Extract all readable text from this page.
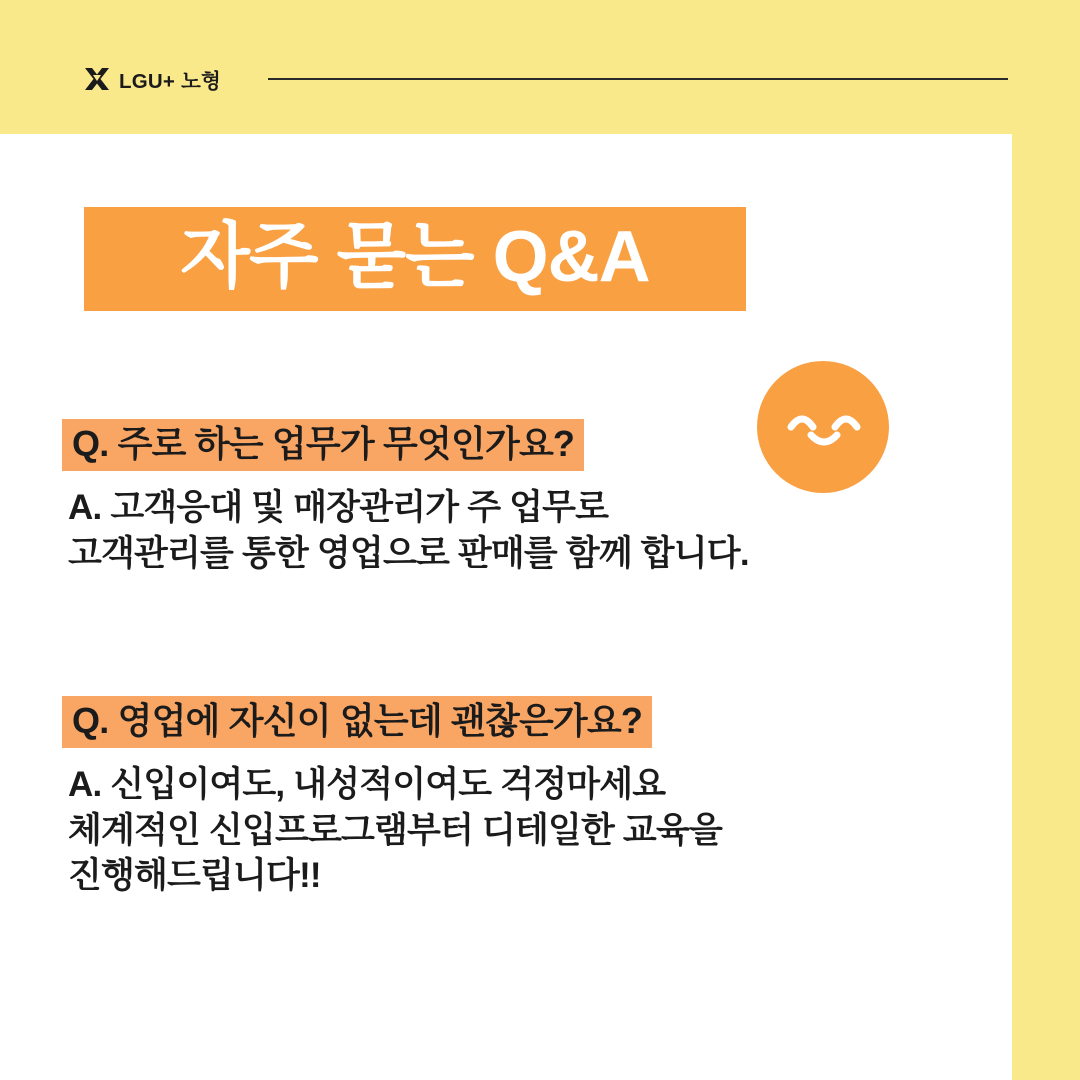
LGU+ 노형
자주 묻는 Q&A
Q. 주로 하는 업무가 무엇인가요?
A. 고객응대 및 매장관리가 주 업무로
고객관리를 통한 영업으로 판매를 함께 합니다.
Q. 영업에 자신이 없는데 괜찮은가요?
A. 신입이여도, 내성적이여도 걱정마세요
체계적인 신입프로그램부터 디테일한 교육을
진행해드립니다!!
